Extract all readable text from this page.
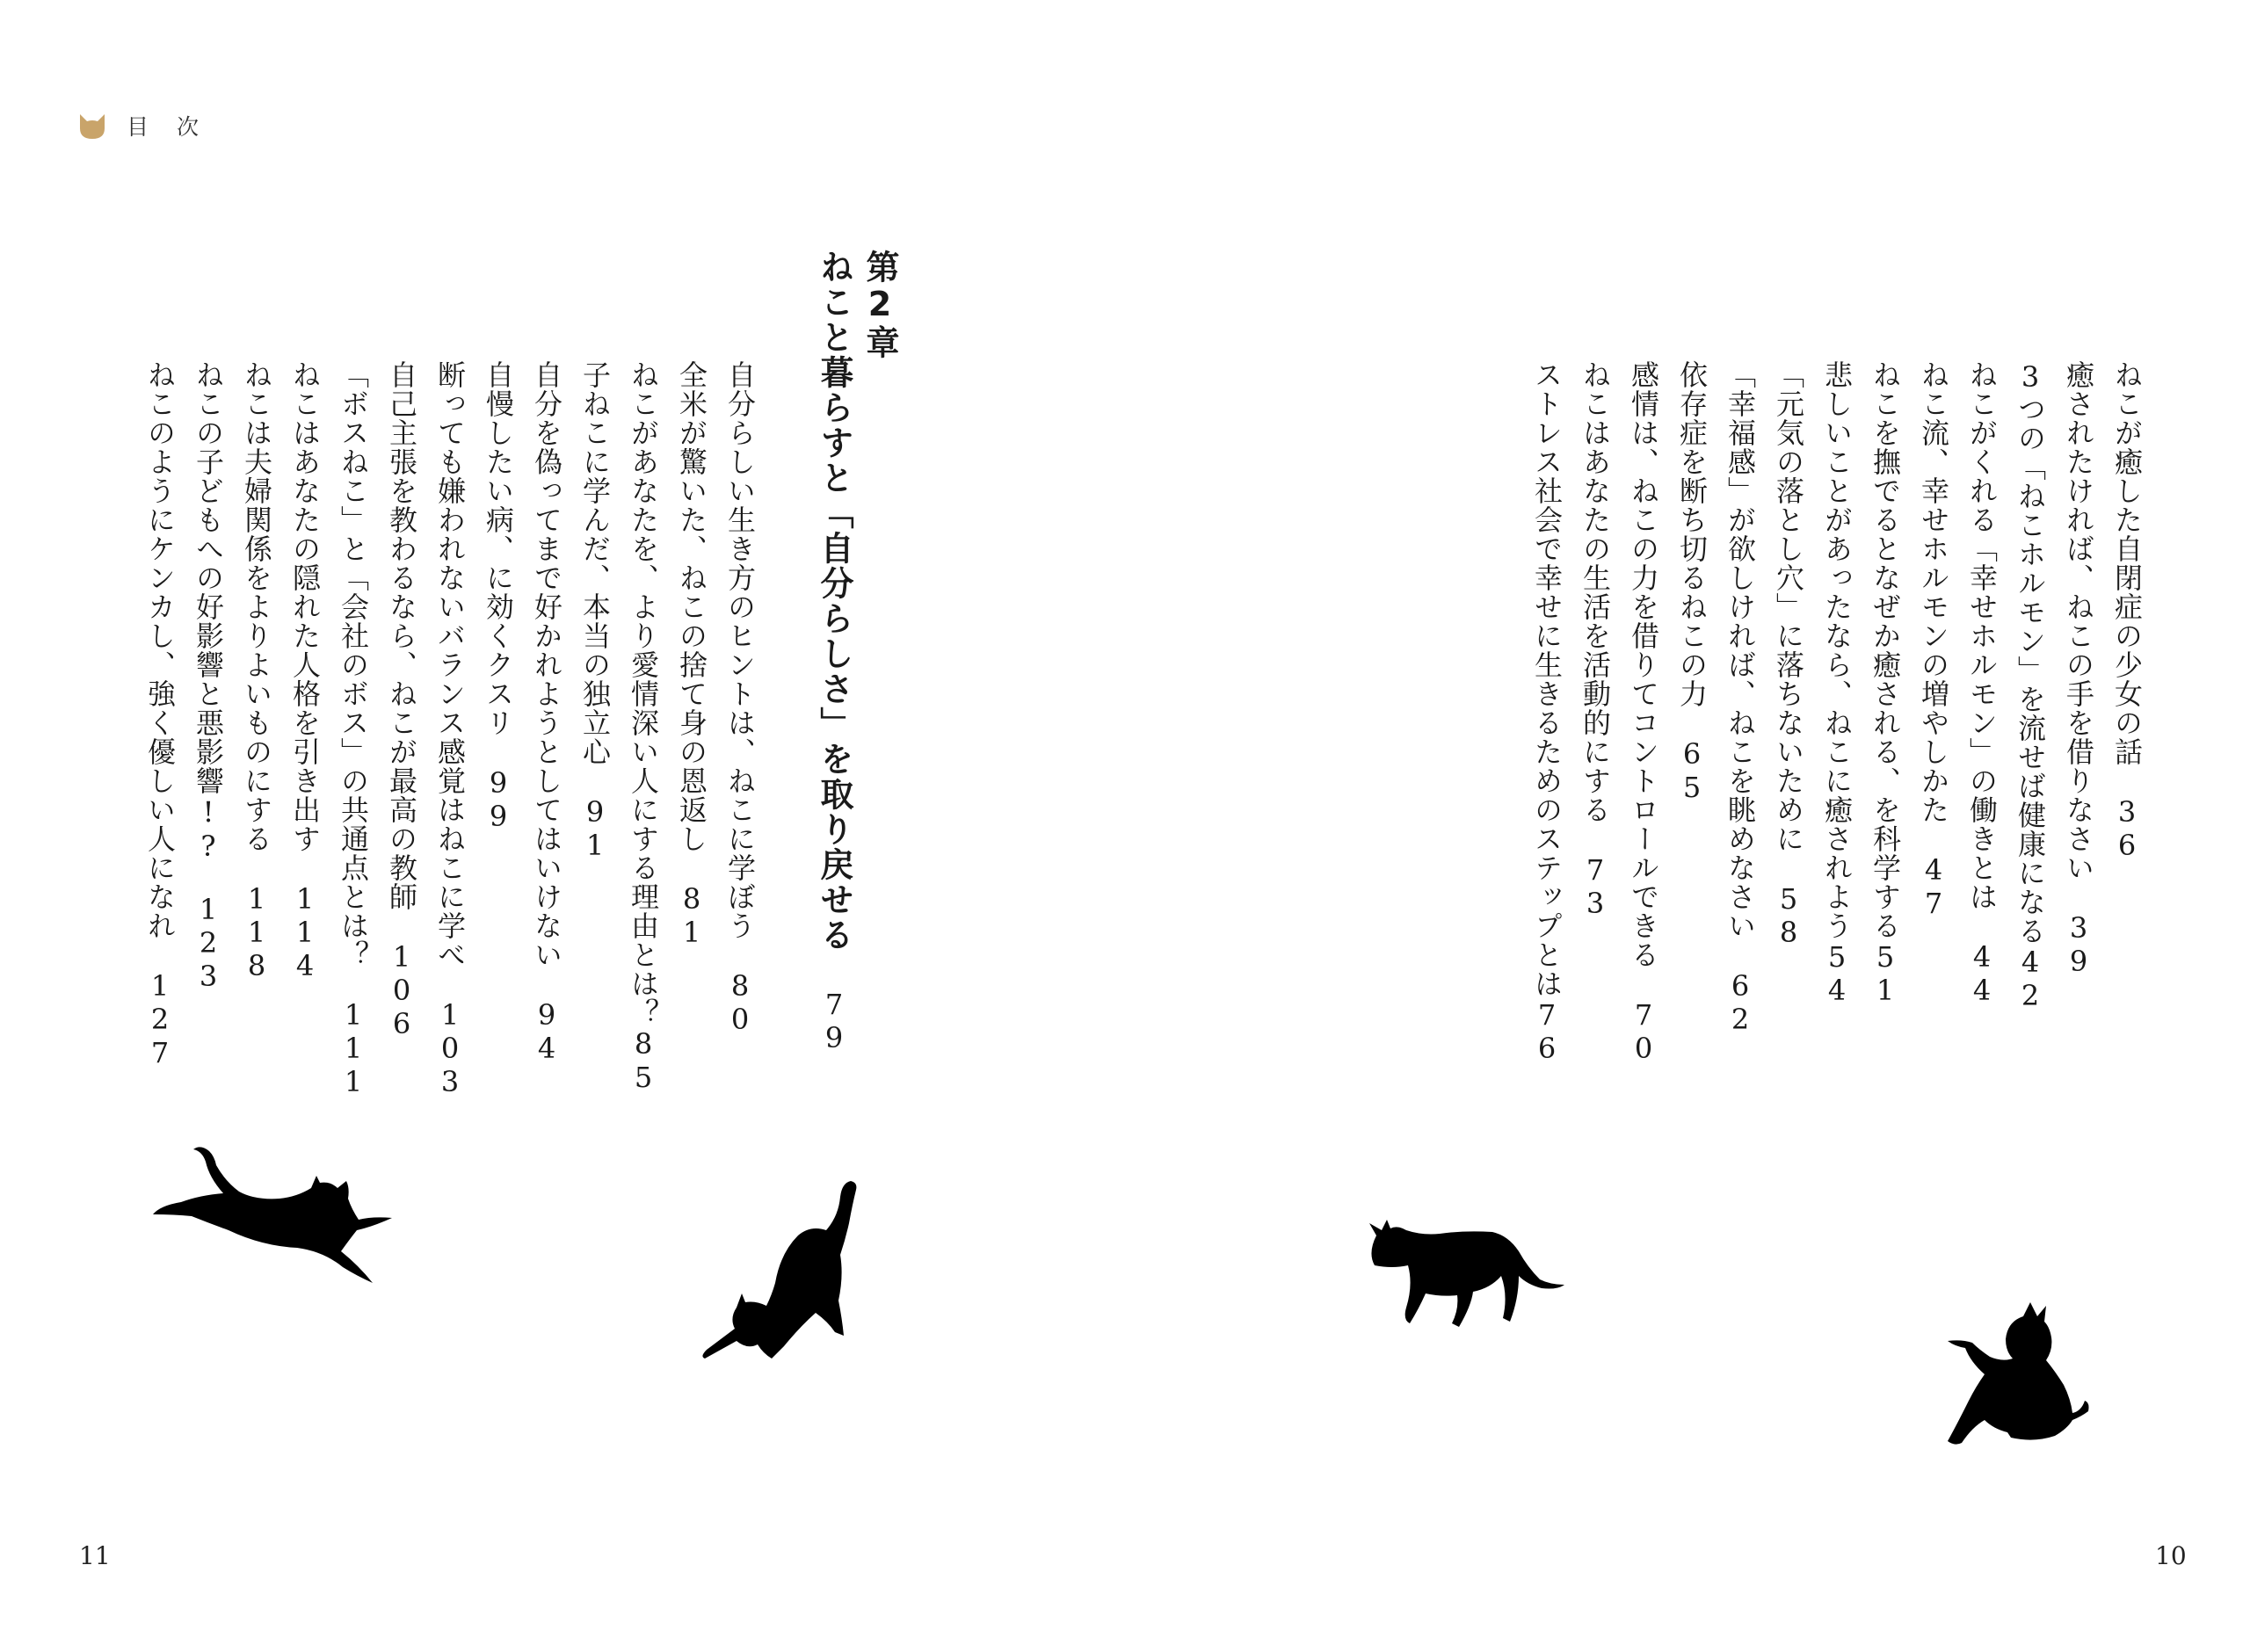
目 次
ねこが癒した自閉症の少女の話　36
癒されたければ、ねこの手を借りなさい　39
3つの「ねこホルモン」を流せば健康になる42
ねこがくれる「幸せホルモン」の働きとは　44
ねこ流、幸せホルモンの増やしかた　47
ねこを撫でるとなぜか癒される、を科学する51
悲しいことがあったなら、ねこに癒されよう54
「元気の落とし穴」に落ちないために　58
「幸福感」が欲しければ、ねこを眺めなさい　62
依存症を断ち切るねこの力　65
感情は、ねこの力を借りてコントロールできる　70
ねこはあなたの生活を活動的にする　73
ストレス社会で幸せに生きるためのステップとは76
第2章
ねこと暮らすと「自分らしさ」を取り戻せる　79
自分らしい生き方のヒントは、ねこに学ぼう　80
全米が驚いた、ねこの捨て身の恩返し　81
ねこがあなたを、より愛情深い人にする理由とは？85
子ねこに学んだ、本当の独立心　91
自分を偽ってまで好かれようとしてはいけない　94
自慢したい病、に効くクスリ　99
断っても嫌われないバランス感覚はねこに学べ　103
自己主張を教わるなら、ねこが最高の教師　106
「ボスねこ」と「会社のボス」の共通点とは？　111
ねこはあなたの隠れた人格を引き出す　114
ねこは夫婦関係をよりよいものにする　118
ねこの子どもへの好影響と悪影響!?　123
ねこのようにケンカし、強く優しい人になれ　127
11	10
